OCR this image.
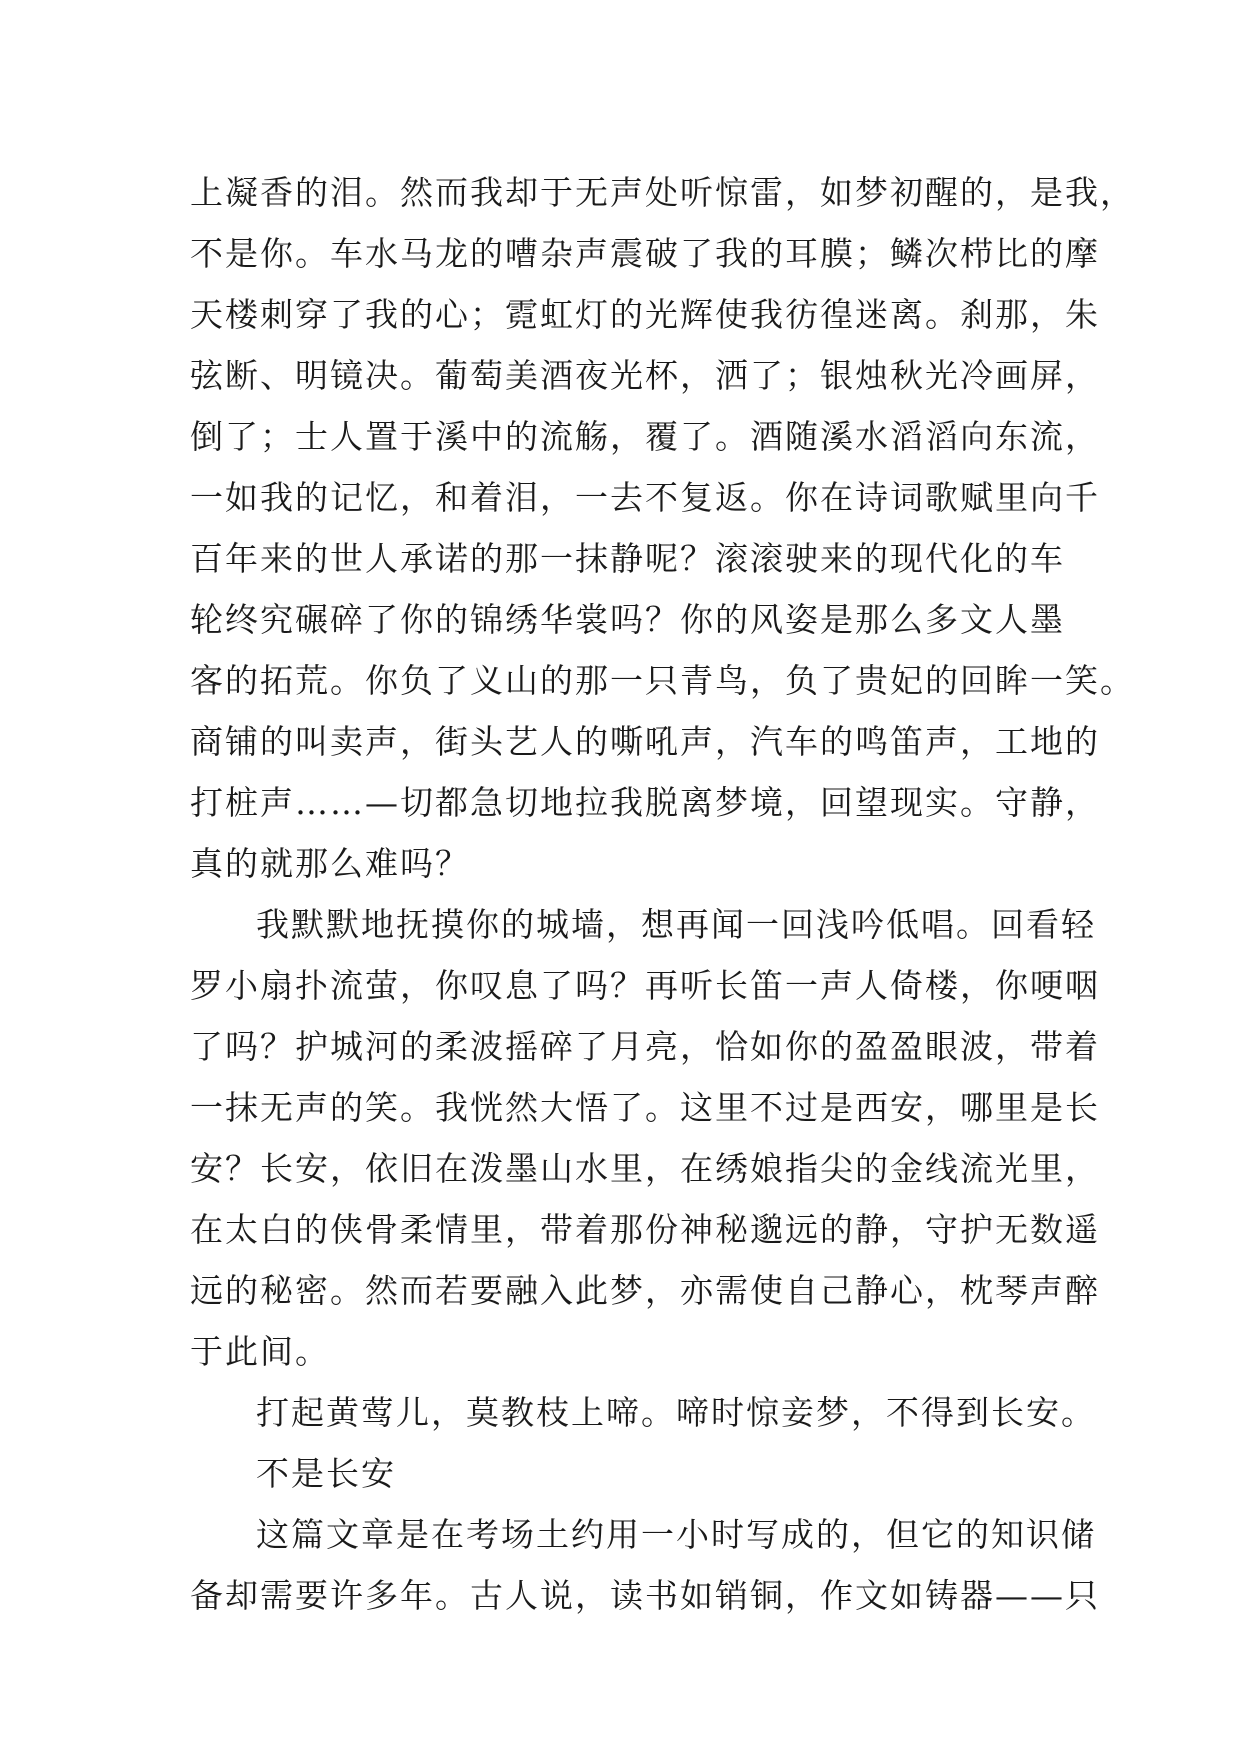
上凝香的泪。然而我却于无声处听惊雷，如梦初醒的，是我，
不是你。车水马龙的嘈杂声震破了我的耳膜；鳞次栉比的摩
天楼刺穿了我的心；霓虹灯的光辉使我彷徨迷离。刹那，朱
弦断、明镜决。葡萄美酒夜光杯，洒了；银烛秋光冷画屏，
倒了；士人置于溪中的流觞，覆了。酒随溪水滔滔向东流，
一如我的记忆，和着泪，一去不复返。你在诗词歌赋里向千
百年来的世人承诺的那一抹静呢？滚滚驶来的现代化的车
轮终究碾碎了你的锦绣华裳吗？你的风姿是那么多文人墨
客的拓荒。你负了义山的那一只青鸟，负了贵妃的回眸一笑。
商铺的叫卖声，街头艺人的嘶吼声，汽车的鸣笛声，工地的
打桩声……—切都急切地拉我脱离梦境，回望现实。守静，
真的就那么难吗？
我默默地抚摸你的城墙，想再闻一回浅吟低唱。回看轻
罗小扇扑流萤，你叹息了吗？再听长笛一声人倚楼，你哽咽
了吗？护城河的柔波摇碎了月亮，恰如你的盈盈眼波，带着
一抹无声的笑。我恍然大悟了。这里不过是西安，哪里是长
安？长安，依旧在泼墨山水里，在绣娘指尖的金线流光里，
在太白的侠骨柔情里，带着那份神秘邈远的静，守护无数遥
远的秘密。然而若要融入此梦，亦需使自己静心，枕琴声醉
于此间。
打起黄莺儿，莫教枝上啼。啼时惊妾梦，不得到长安。
不是长安
这篇文章是在考场土约用一小时写成的，但它的知识储
备却需要许多年。古人说，读书如销铜，作文如铸器——只
